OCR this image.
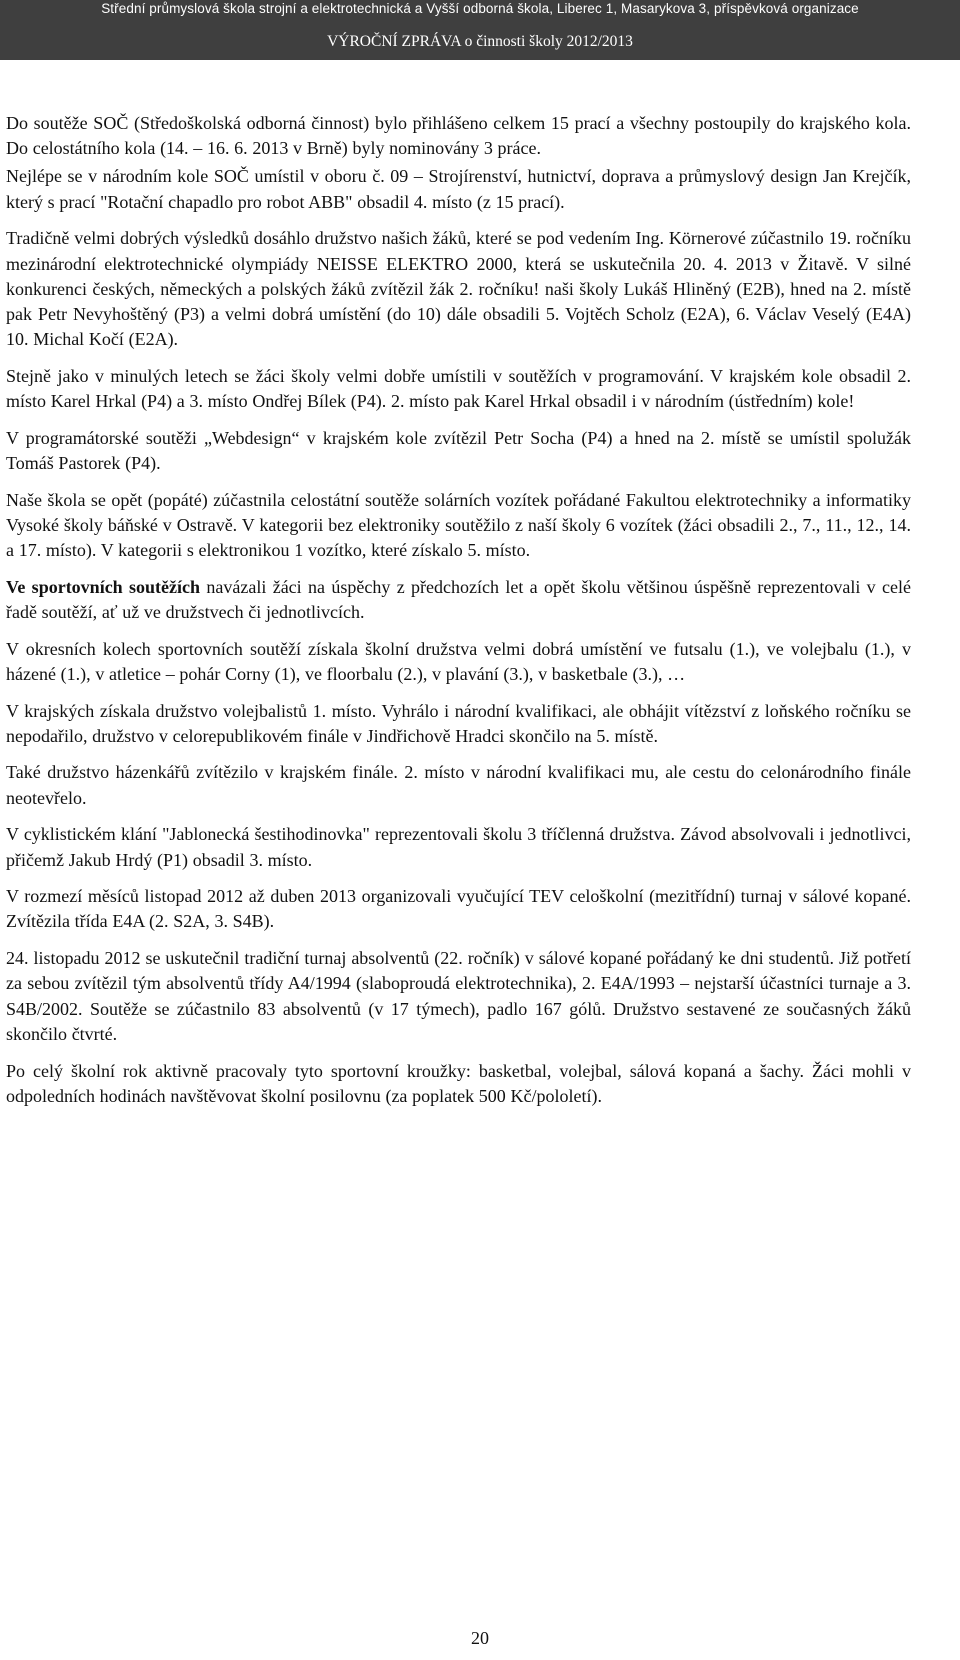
Střední průmyslová škola strojní a elektrotechnická a Vyšší odborná škola, Liberec 1, Masarykova 3, příspěvková organizace
VÝROČNÍ ZPRÁVA o činnosti školy 2012/2013

Do soutěže SOČ (Středoškolská odborná činnost) bylo přihlášeno celkem 15 prací a všechny postoupily do krajského kola. Do celostátního kola (14. – 16. 6. 2013 v Brně) byly nominovány 3 práce.

Nejlépe se v národním kole SOČ umístil v oboru č. 09 – Strojírenství, hutnictví, doprava a průmyslový design Jan Krejčík, který s prací "Rotační chapadlo pro robot ABB" obsadil 4. místo (z 15 prací).

Tradičně velmi dobrých výsledků dosáhlo družstvo našich žáků, které se pod vedením Ing. Körnerové zúčastnilo 19. ročníku mezinárodní elektrotechnické olympiády NEISSE ELEKTRO 2000, která se uskutečnila 20. 4. 2013 v Žitavě. V silné konkurenci českých, německých a polských žáků zvítězil žák 2. ročníku! naši školy Lukáš Hliněný (E2B), hned na 2. místě pak Petr Nevyhoštěný (P3) a velmi dobrá umístění (do 10) dále obsadili 5. Vojtěch Scholz (E2A), 6. Václav Veselý (E4A) 10. Michal Kočí (E2A).

Stejně jako v minulých letech se žáci školy velmi dobře umístili v soutěžích v programování. V krajském kole obsadil 2. místo Karel Hrkal (P4) a 3. místo Ondřej Bílek (P4). 2. místo pak Karel Hrkal obsadil i v národním (ústředním) kole!

V programátorské soutěži „Webdesign“ v krajském kole zvítězil Petr Socha (P4) a hned na 2. místě se umístil spolužák Tomáš Pastorek (P4).

Naše škola se opět (popáté) zúčastnila celostátní soutěže solárních vozítek pořádané Fakultou elektrotechniky a informatiky Vysoké školy báňské v Ostravě. V kategorii bez elektroniky soutěžilo z naší školy 6 vozítek (žáci obsadili 2., 7., 11., 12., 14. a 17. místo). V kategorii s elektronikou 1 vozítko, které získalo 5. místo.

Ve sportovních soutěžích navázali žáci na úspěchy z předchozích let a opět školu většinou úspěšně reprezentovali v celé řadě soutěží, ať už ve družstvech či jednotlivcích.

V okresních kolech sportovních soutěží získala školní družstva velmi dobrá umístění ve futsalu (1.), ve volejbalu (1.), v házené (1.), v atletice – pohár Corny (1), ve floorbalu (2.), v plavání (3.), v basketbale (3.), …

V krajských získala družstvo volejbalistů 1. místo. Vyhrálo i národní kvalifikaci, ale obhájit vítězství z loňského ročníku se nepodařilo, družstvo v celorepublikovém finále v Jindřichově Hradci skončilo na 5. místě.

Také družstvo házenkářů zvítězilo v krajském finále. 2. místo v národní kvalifikaci mu, ale cestu do celonárodního finále neotevřelo.

V cyklistickém klání "Jablonecká šestihodinovka" reprezentovali školu 3 tříčlenná družstva. Závod absolvovali i jednotlivci, přičemž Jakub Hrdý (P1) obsadil 3. místo.

V rozmezí měsíců listopad 2012 až duben 2013 organizovali vyučující TEV celoškolní (mezitřídní) turnaj v sálové kopané. Zvítězila třída E4A (2. S2A, 3. S4B).

24. listopadu 2012 se uskutečnil tradiční turnaj absolventů (22. ročník) v sálové kopané pořádaný ke dni studentů. Již potřetí za sebou zvítězil tým absolventů třídy A4/1994 (slaboproudá elektrotechnika), 2. E4A/1993 – nejstarší účastníci turnaje a 3. S4B/2002. Soutěže se zúčastnilo 83 absolventů (v 17 týmech), padlo 167 gólů. Družstvo sestavené ze současných žáků skončilo čtvrté.

Po celý školní rok aktivně pracovaly tyto sportovní kroužky: basketbal, volejbal, sálová kopaná a šachy. Žáci mohli v odpoledních hodinách navštěvovat školní posilovnu (za poplatek 500 Kč/pololetí).

20
